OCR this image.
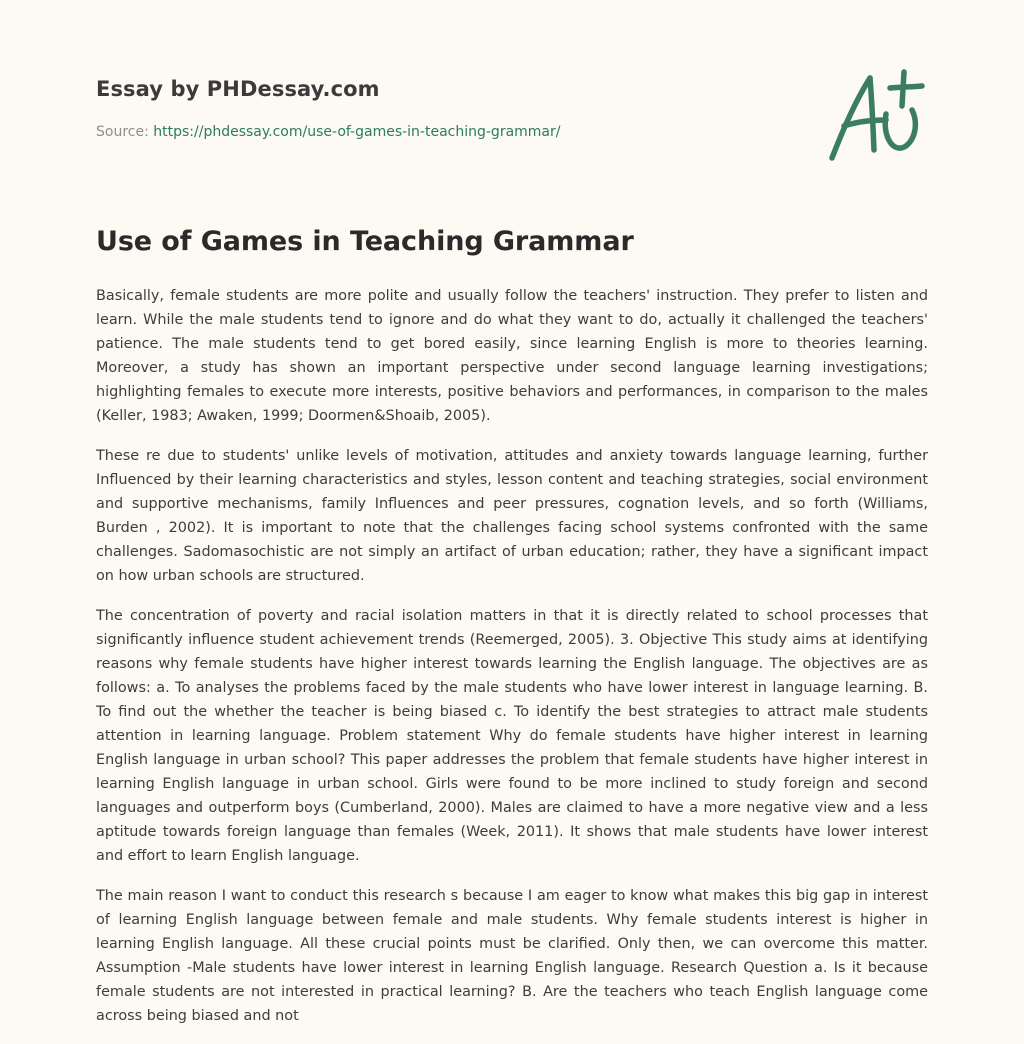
Essay by PHDessay.com
Source: https://phdessay.com/use-of-games-in-teaching-grammar/
Use of Games in Teaching Grammar

Basically, female students are more polite and usually follow the teachers' instruction. They prefer to listen and learn. While the male students tend to ignore and do what they want to do, actually it challenged the teachers' patience. The male students tend to get bored easily, since learning English is more to theories learning. Moreover, a study has shown an important perspective under second language learning investigations; highlighting females to execute more interests, positive behaviors and performances, in comparison to the males (Keller, 1983; Awaken, 1999; Doormen&Shoaib, 2005).

These re due to students' unlike levels of motivation, attitudes and anxiety towards language learning, further Influenced by their learning characteristics and styles, lesson content and teaching strategies, social environment and supportive mechanisms, family Influences and peer pressures, cognation levels, and so forth (Williams, Burden , 2002). It is important to note that the challenges facing school systems confronted with the same challenges. Sadomasochistic are not simply an artifact of urban education; rather, they have a significant impact on how urban schools are structured.

The concentration of poverty and racial isolation matters in that it is directly related to school processes that significantly influence student achievement trends (Reemerged, 2005). 3. Objective This study aims at identifying reasons why female students have higher interest towards learning the English language. The objectives are as follows: a. To analyses the problems faced by the male students who have lower interest in language learning. B. To find out the whether the teacher is being biased c. To identify the best strategies to attract male students attention in learning language. Problem statement Why do female students have higher interest in learning English language in urban school? This paper addresses the problem that female students have higher interest in learning English language in urban school. Girls were found to be more inclined to study foreign and second languages and outperform boys (Cumberland, 2000). Males are claimed to have a more negative view and a less aptitude towards foreign language than females (Week, 2011). It shows that male students have lower interest and effort to learn English language.

The main reason I want to conduct this research s because I am eager to know what makes this big gap in interest of learning English language between female and male students. Why female students interest is higher in learning English language. All these crucial points must be clarified. Only then, we can overcome this matter. Assumption -Male students have lower interest in learning English language. Research Question a. Is it because female students are not interested in practical learning? B. Are the teachers who teach English language come across being biased and not
